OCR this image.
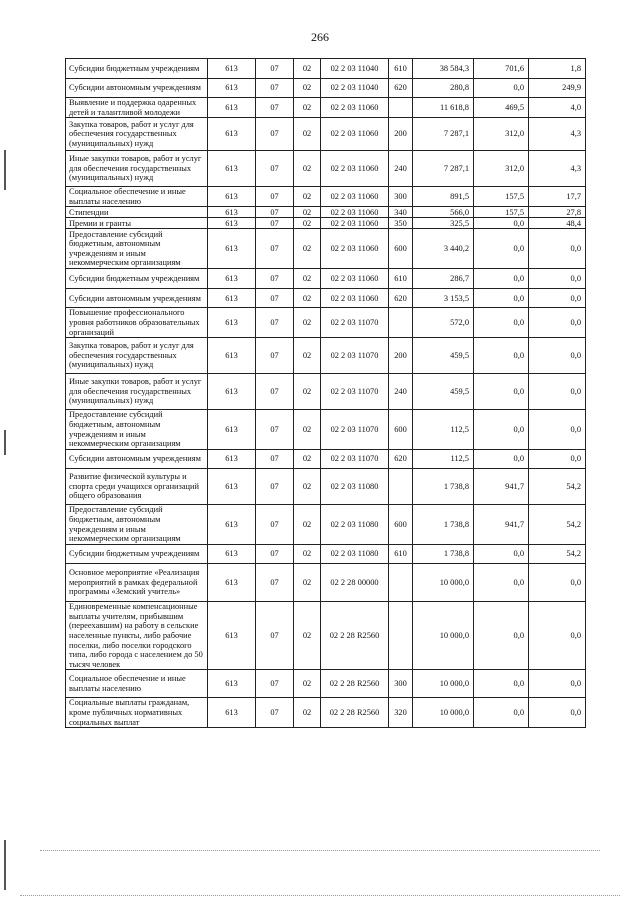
266
Субсидии бюджетным учреждениям	613	07	02	02 2 03 11040	610	38 584,3	701,6	1,8
Субсидии автономным учреждениям	613	07	02	02 2 03 11040	620	280,8	0,0	249,9
Выявление и поддержка одаренных детей и талантливой молодежи	613	07	02	02 2 03 11060		11 618,8	469,5	4,0
Закупка товаров, работ и услуг для обеспечения государственных (муниципальных) нужд	613	07	02	02 2 03 11060	200	7 287,1	312,0	4,3
Иные закупки товаров, работ и услуг для обеспечения государственных (муниципальных) нужд	613	07	02	02 2 03 11060	240	7 287,1	312,0	4,3
Социальное обеспечение и иные выплаты населению	613	07	02	02 2 03 11060	300	891,5	157,5	17,7
Стипендии	613	07	02	02 2 03 11060	340	566,0	157,5	27,8
Премии и гранты	613	07	02	02 2 03 11060	350	325,5	0,0	48,4
Предоставление субсидий бюджетным, автономным учреждениям и иным некоммерческим организациям	613	07	02	02 2 03 11060	600	3 440,2	0,0	0,0
Субсидии бюджетным учреждениям	613	07	02	02 2 03 11060	610	286,7	0,0	0,0
Субсидии автономным учреждениям	613	07	02	02 2 03 11060	620	3 153,5	0,0	0,0
Повышение профессионального уровня работников образовательных организаций	613	07	02	02 2 03 11070		572,0	0,0	0,0
Закупка товаров, работ и услуг для обеспечения государственных (муниципальных) нужд	613	07	02	02 2 03 11070	200	459,5	0,0	0,0
Иные закупки товаров, работ и услуг для обеспечения государственных (муниципальных) нужд	613	07	02	02 2 03 11070	240	459,5	0,0	0,0
Предоставление субсидий бюджетным, автономным учреждениям и иным некоммерческим организациям	613	07	02	02 2 03 11070	600	112,5	0,0	0,0
Субсидии автономным учреждениям	613	07	02	02 2 03 11070	620	112,5	0,0	0,0
Развитие физической культуры и спорта среди учащихся организаций общего образования	613	07	02	02 2 03 11080		1 738,8	941,7	54,2
Предоставление субсидий бюджетным, автономным учреждениям и иным некоммерческим организациям	613	07	02	02 2 03 11080	600	1 738,8	941,7	54,2
Субсидии бюджетным учреждениям	613	07	02	02 2 03 11080	610	1 738,8	0,0	54,2
Основное мероприятие «Реализация мероприятий в рамках федеральной программы «Земский учитель»	613	07	02	02 2 28 00000		10 000,0	0,0	0,0
Единовременные компенсационные выплаты учителям, прибывшим (переехавшим) на работу в сельские населенные пункты, либо рабочие поселки, либо поселки городского типа, либо города с населением до 50 тысяч человек	613	07	02	02 2 28 R2560		10 000,0	0,0	0,0
Социальное обеспечение и иные выплаты населению	613	07	02	02 2 28 R2560	300	10 000,0	0,0	0,0
Социальные выплаты гражданам, кроме публичных нормативных социальных выплат	613	07	02	02 2 28 R2560	320	10 000,0	0,0	0,0
